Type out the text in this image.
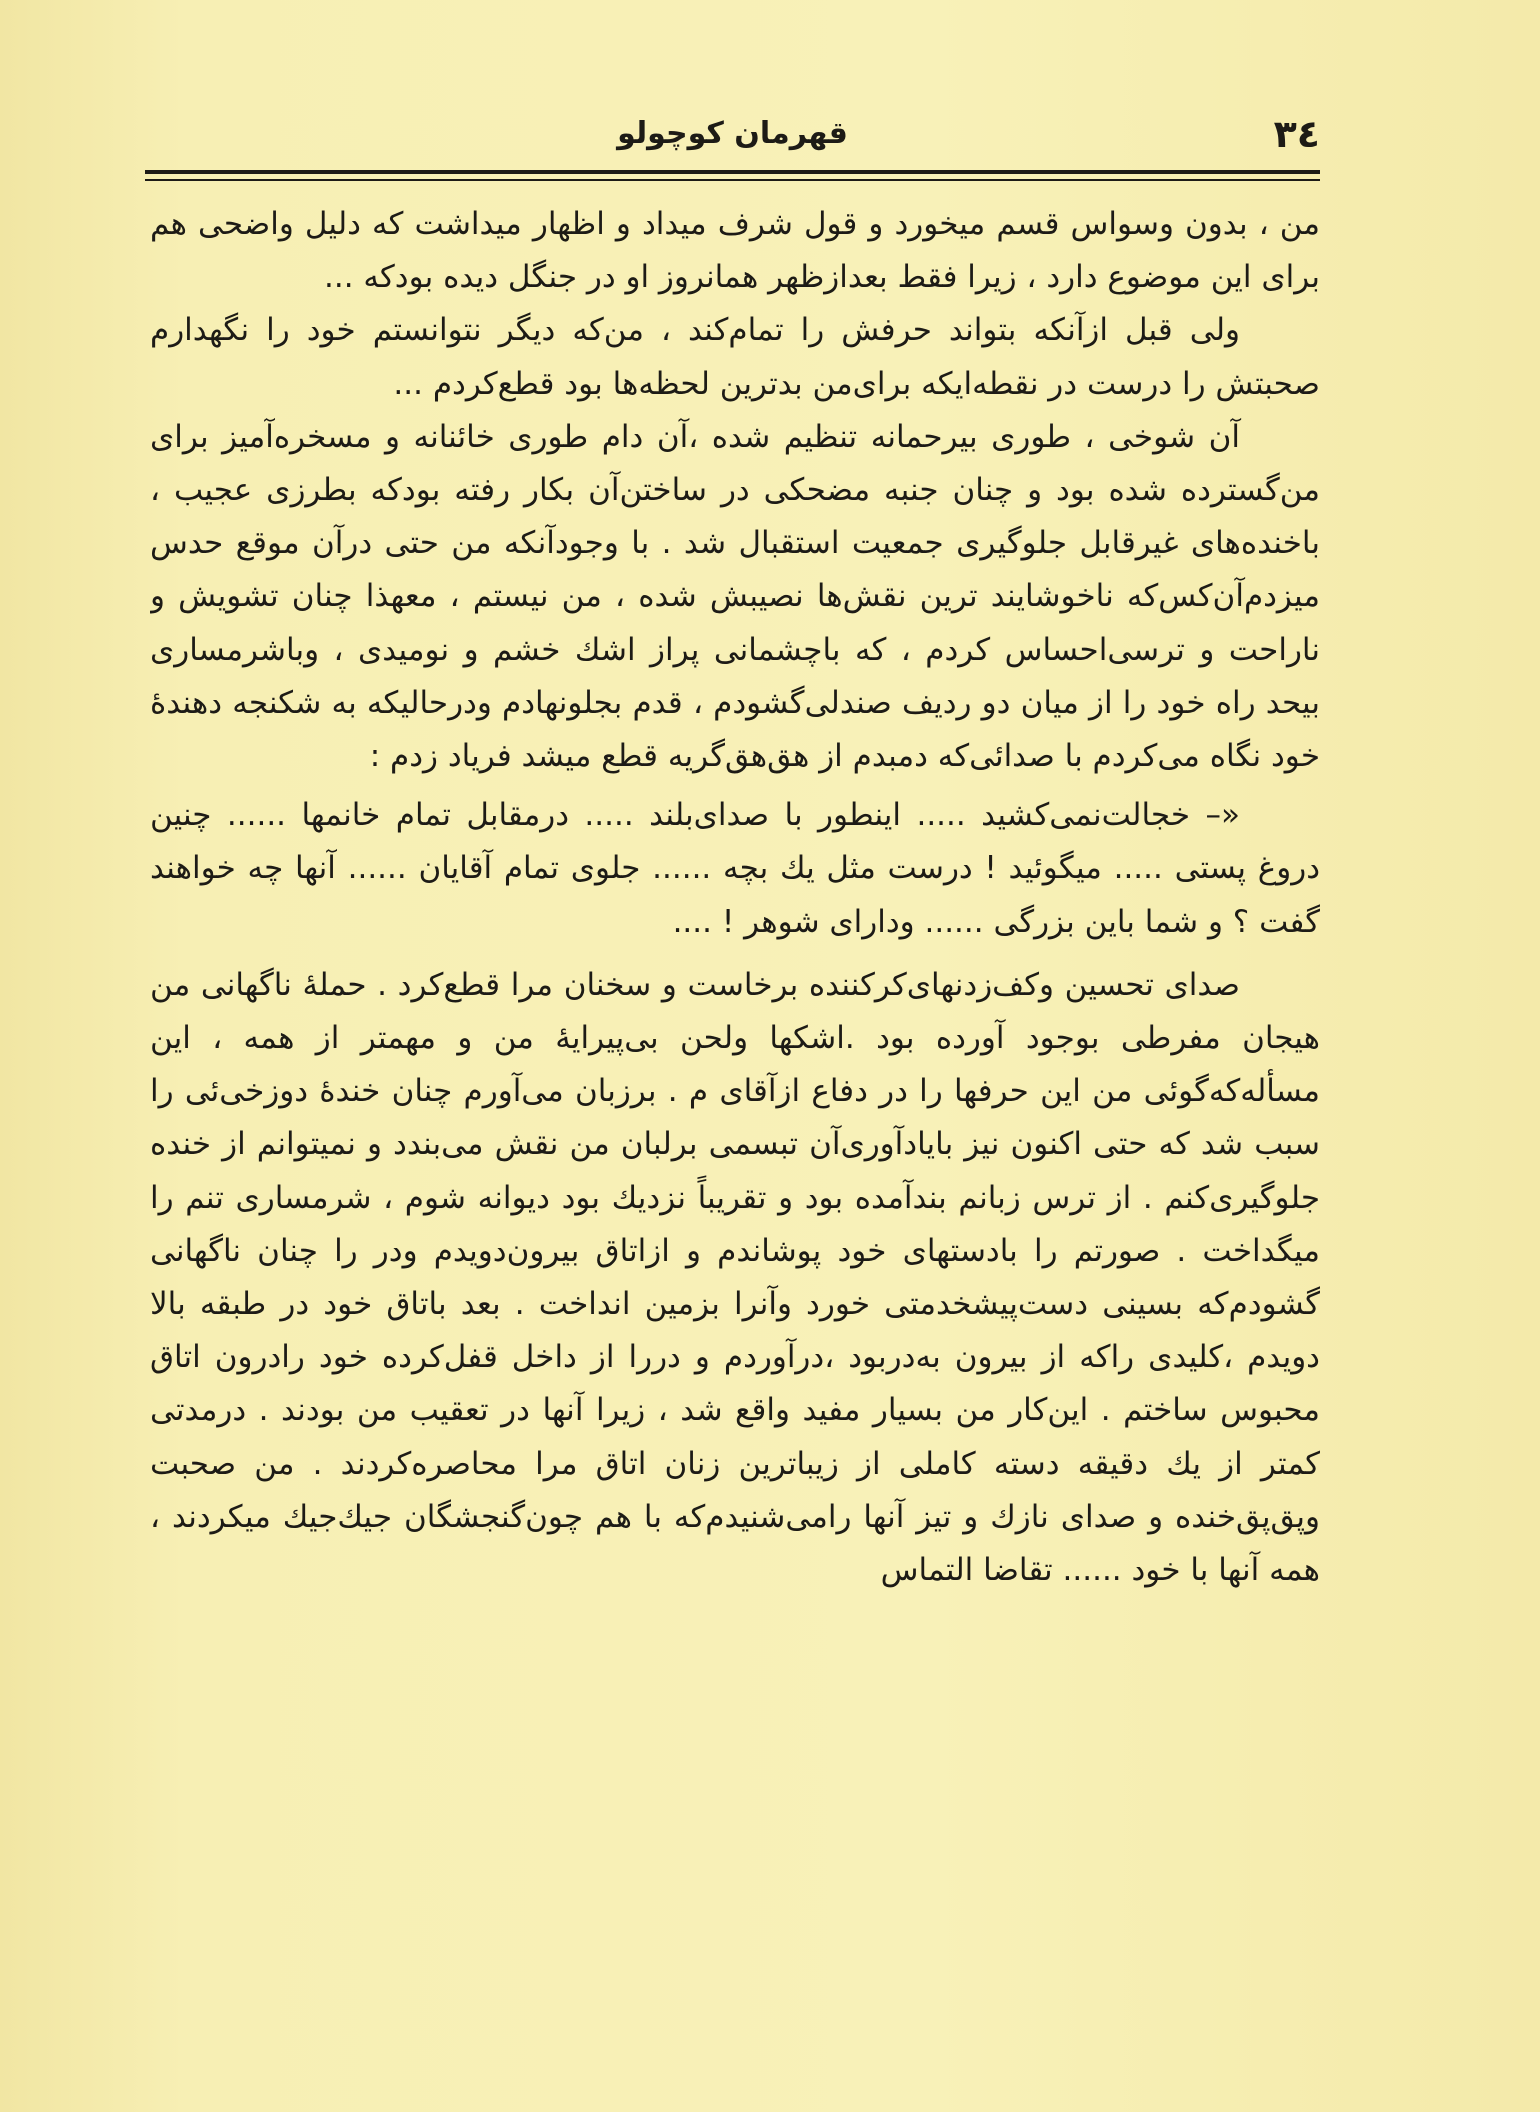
۳٤
قهرمان کوچولو

من ، بدون وسواس قسم میخورد و قول شرف میداد و اظهار میداشت که دلیل واضحی هم برای این موضوع دارد ، زیرا فقط بعدازظهر همانروز او در جنگل دیده بودکه ...

ولی قبل ازآنکه بتواند حرفش را تمام‌کند ، من‌که دیگر نتوانستم خود را نگهدارم صحبتش را درست در نقطه‌ایکه برای‌من بدترین لحظه‌ها بود قطع‌کردم ...

آن شوخی ، طوری بیرحمانه تنظیم شده ،آن دام طوری خائنانه و مسخره‌آمیز برای من‌گسترده شده بود و چنان جنبه مضحکی در ساختن‌آن بکار رفته بودکه بطرزی عجیب ، باخنده‌های غیرقابل جلوگیری جمعیت استقبال شد . با وجودآنکه من حتی درآن موقع حدس میزدم‌آن‌کس‌که ناخوشایند ترین نقش‌ها نصیبش شده ، من نیستم ، معهذا چنان تشویش و ناراحت و ترسی‌احساس کردم ، که باچشمانی پراز اشك خشم و نومیدی ، وباشرمساری بیحد راه خود را از میان دو ردیف صندلی‌گشودم ، قدم بجلونهادم ودرحالیکه به شکنجه دهندهٔ خود نگاه می‌کردم با صدائی‌که دمبدم از هق‌هق‌گریه قطع میشد فریاد زدم :

«– خجالت‌نمی‌کشید ..... اینطور با صدای‌بلند ..... درمقابل تمام خانمها ...... چنین دروغ پستی ..... میگوئید ! درست مثل یك بچه ...... جلوی تمام آقایان ...... آنها چه خواهند گفت ؟ و شما باین بزرگی ...... ودارای شوهر ! ....

صدای تحسین وکف‌زدنهای‌کرکننده برخاست و سخنان مرا قطع‌کرد . حملهٔ ناگهانی من هیجان مفرطی بوجود آورده بود .اشکها ولحن بی‌پیرایهٔ من و مهمتر از همه ، این مسأله‌که‌گوئی من این حرفها را در دفاع ازآقای م . برزبان می‌آورم چنان خندهٔ دوزخی‌ئی را سبب شد که حتی اکنون نیز بایادآوری‌آن تبسمی برلبان من نقش می‌بندد و نمیتوانم از خنده جلوگیری‌کنم . از ترس زبانم بندآمده بود و تقریباً نزدیك بود دیوانه شوم ، شرمساری تنم را میگداخت . صورتم را بادستهای خود پوشاندم و ازاتاق بیرون‌دویدم ودر را چنان ناگهانی گشودم‌که بسینی دست‌پیشخدمتی خورد وآنرا بزمین انداخت . بعد باتاق خود در طبقه بالا دویدم ،کلیدی راکه از بیرون به‌دربود ،درآوردم و دررا از داخل قفل‌کرده خود رادرون اتاق محبوس ساختم . این‌کار من بسیار مفید واقع شد ، زیرا آنها در تعقیب من بودند . درمدتی کمتر از یك دقیقه دسته کاملی از زیباترین زنان اتاق مرا محاصره‌کردند . من صحبت وپق‌پق‌خنده و صدای نازك و تیز آنها رامی‌شنیدم‌که با هم چون‌گنجشگان جیك‌جیك میکردند ، همه آنها با خود ...... تقاضا التماس
